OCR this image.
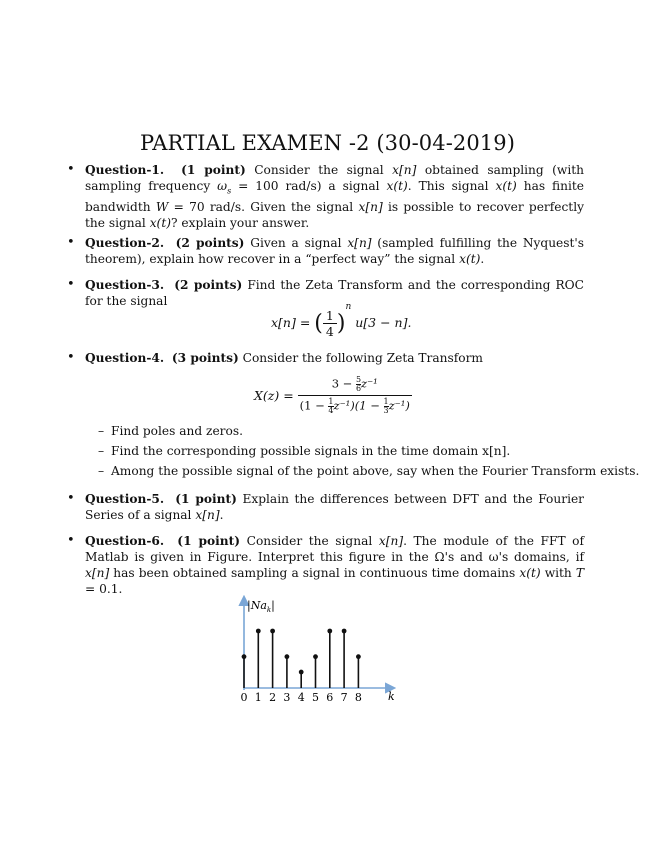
PARTIAL EXAMEN -2 (30-04-2019)
• Question-1. (1 point) Consider the signal x[n] obtained sampling (with sampling frequency $\omega_s = 100$ rad/s) a signal x(t). This signal x(t) has finite bandwidth W = 70 rad/s. Given the signal x[n] is possible to recover perfectly the signal x(t)? explain your answer.
• Question-2. (2 points) Given a signal x[n] (sampled fulfilling the Nyquest's theorem), explain how recover in a “perfect way” the signal x(t).
• Question-3. (2 points) Find the Zeta Transform and the corresponding ROC for the signal
x[n] = ( $\frac{1}{4} )^n$ u[3 − n].
• Question-4. (3 points) Consider the following Zeta Transform
$X(z) = \frac{3 - \frac{5}{6} z^{-1}}{(1 - \frac{1}{4} z^{-1})(1 - \frac{1}{3} z^{-1})}$
– Find poles and zeros.
– Find the corresponding possible signals in the time domain x[n].
– Among the possible signal of the point above, say when the Fourier Transform exists.
• Question-5. (1 point) Explain the differences between DFT and the Fourier Series of a signal x[n].
• Question-6. (1 point) Consider the signal x[n]. The module of the FFT of Matlab is given in Figure. Interpret this figure in the Ω's and ω's domains, if x[n] has been obtained sampling a signal in continuous time domains x(t) with T = 0.1.
$|Na_k|$
k
0 1 2 3 4 5 6 7 8
